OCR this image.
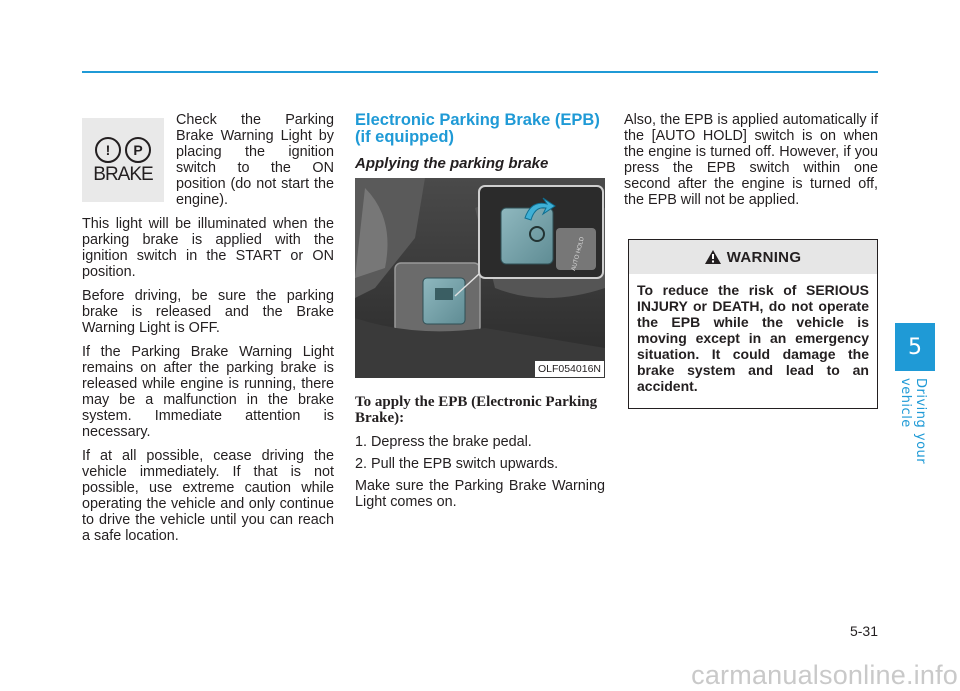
5
Driving your vehicle
!	P
BRAKE

Check the Parking Brake Warning Light by placing the ignition switch to the ON position (do not start the engine).

This light will be illuminated when the parking brake is applied with the ignition switch in the START or ON position.

Before driving, be sure the parking brake is released and the Brake Warning Light is OFF.

If the Parking Brake Warning Light remains on after the parking brake is released while engine is running, there may be a malfunction in the brake system. Immediate attention is necessary.

If at all possible, cease driving the vehicle immediately. If that is not possible, use extreme caution while operating the vehicle and only continue to drive the vehicle until you can reach a safe location.

Electronic Parking Brake (EPB) (if equipped)
Applying the parking brake
AUTO HOLD
OLF054016N
To apply the EPB (Electronic Parking Brake):

1. Depress the brake pedal.

2. Pull the EPB switch upwards.

Make sure the Parking Brake Warning Light comes on.

Also, the EPB is applied automatically if the [AUTO HOLD] switch is on when the engine is turned off. However, if you press the EPB switch within one second after the engine is turned off, the EPB will not be applied.

WARNING
To reduce the risk of SERIOUS INJURY or DEATH, do not operate the EPB while the vehicle is moving except in an emergency situation. It could damage the brake system and lead to an accident.
5-31
carmanualsonline.info
